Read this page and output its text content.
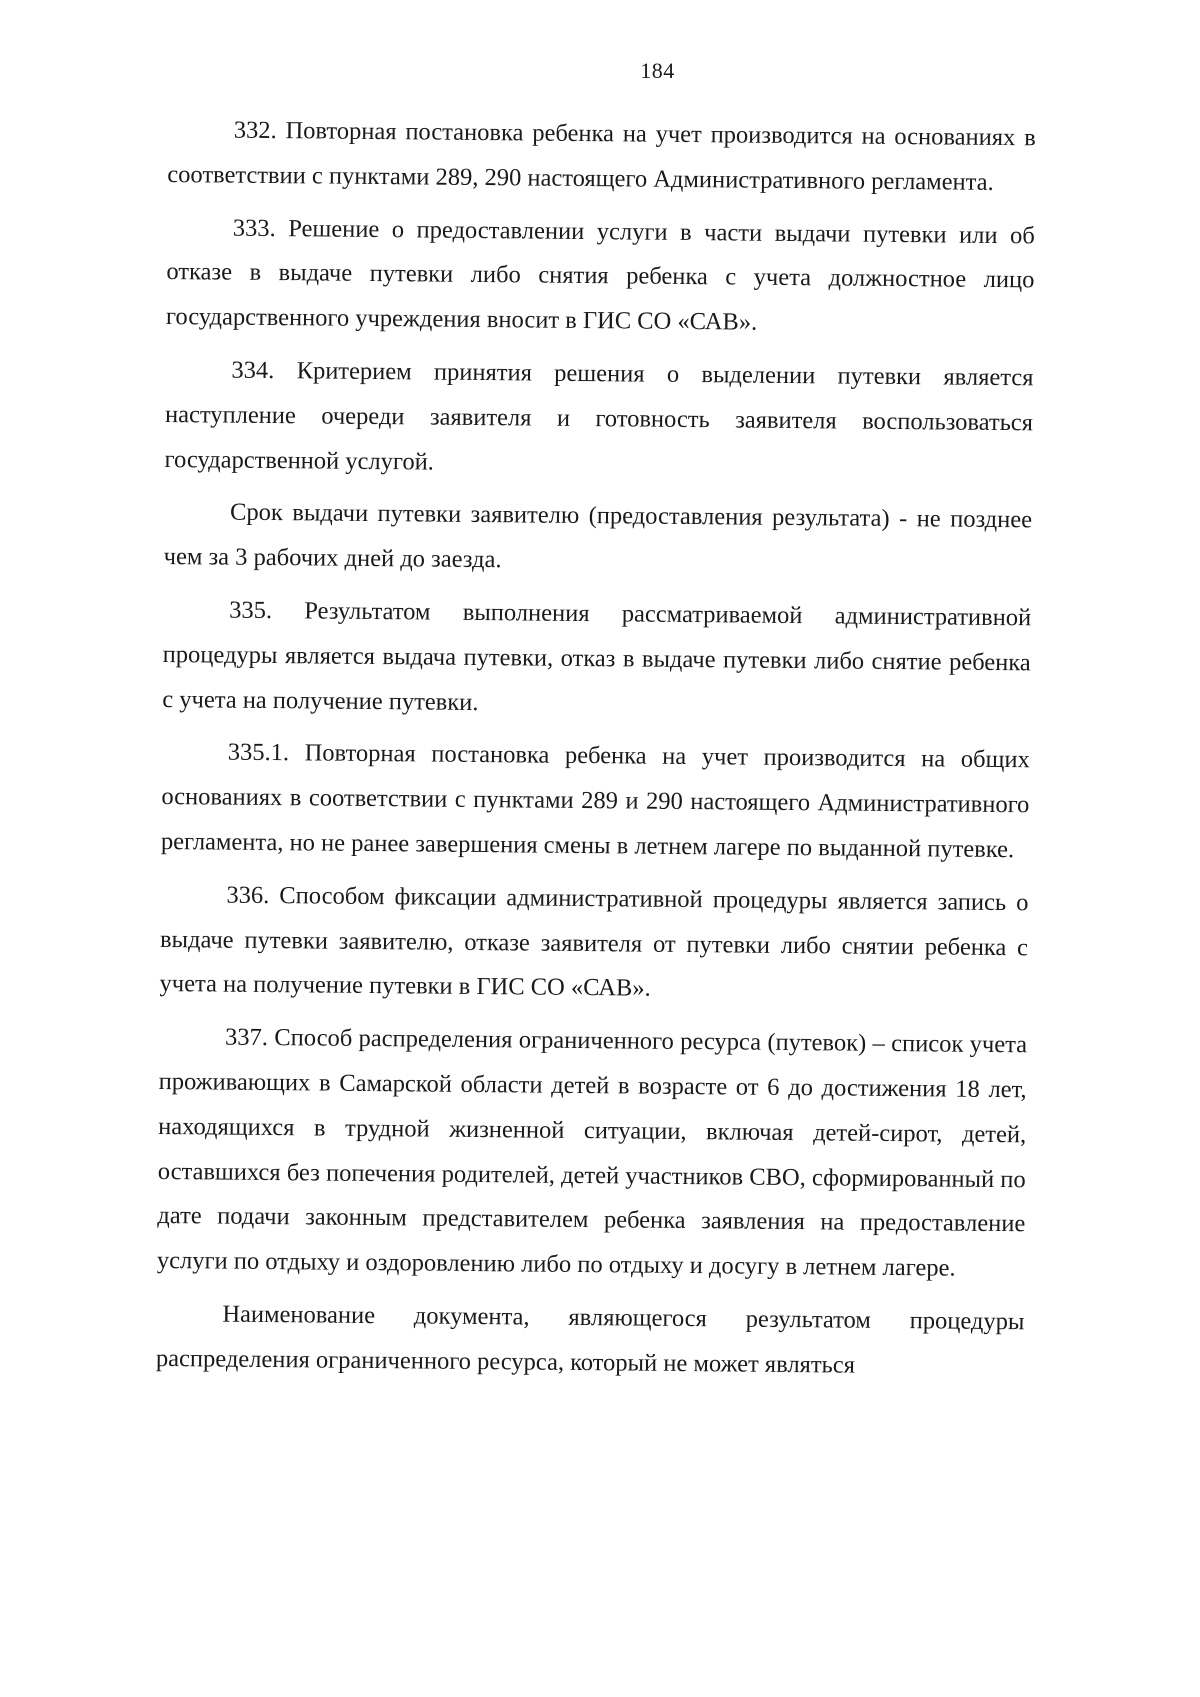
184

332. Повторная постановка ребенка на учет производится на основаниях в соответствии с пунктами 289, 290 настоящего Административного регламента.

333. Решение о предоставлении услуги в части выдачи путевки или об отказе в выдаче путевки либо снятия ребенка с учета должностное лицо государственного учреждения вносит в ГИС СО «САВ».

334. Критерием принятия решения о выделении путевки является наступление очереди заявителя и готовность заявителя воспользоваться государственной услугой.

Срок выдачи путевки заявителю (предоставления результата) - не позднее чем за 3 рабочих дней до заезда.

335. Результатом выполнения рассматриваемой административной процедуры является выдача путевки, отказ в выдаче путевки либо снятие ребенка с учета на получение путевки.

335.1. Повторная постановка ребенка на учет производится на общих основаниях в соответствии с пунктами 289 и 290 настоящего Административного регламента, но не ранее завершения смены в летнем лагере по выданной путевке.

336. Способом фиксации административной процедуры является запись о выдаче путевки заявителю, отказе заявителя от путевки либо снятии ребенка с учета на получение путевки в ГИС СО «САВ».

337. Способ распределения ограниченного ресурса (путевок) – список учета проживающих в Самарской области детей в возрасте от 6 до достижения 18 лет, находящихся в трудной жизненной ситуации, включая детей-сирот, детей, оставшихся без попечения родителей, детей участников СВО, сформированный по дате подачи законным представителем ребенка заявления на предоставление услуги по отдыху и оздоровлению либо по отдыху и досугу в летнем лагере.

Наименование документа, являющегося результатом процедуры распределения ограниченного ресурса, который не может являться
